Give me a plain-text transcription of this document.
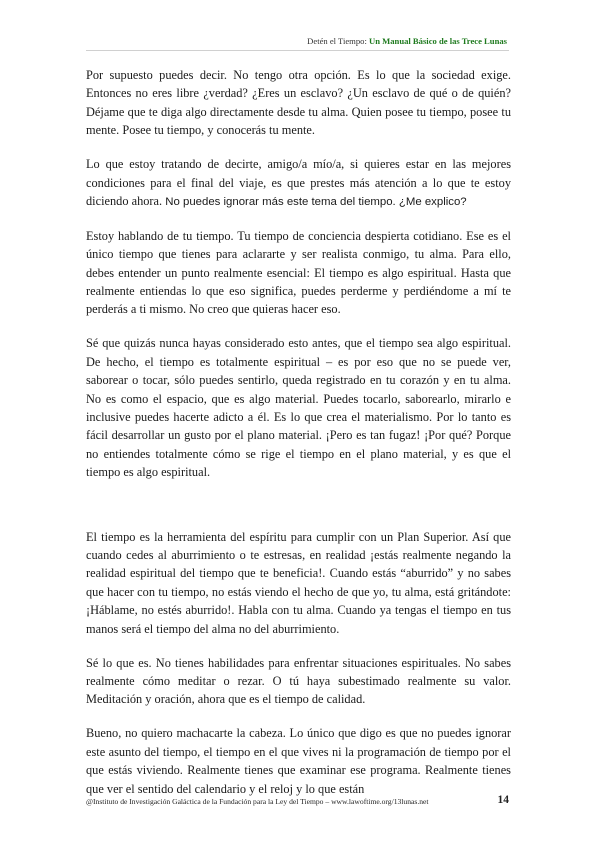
Detén el Tiempo: Un Manual Básico de las Trece Lunas

Por supuesto puedes decir. No tengo otra opción. Es lo que la sociedad exige. Entonces no eres libre ¿verdad? ¿Eres un esclavo? ¿Un esclavo de qué o de quién? Déjame que te diga algo directamente desde tu alma. Quien posee tu tiempo, posee tu mente. Posee tu tiempo, y conocerás tu mente.

Lo que estoy tratando de decirte, amigo/a mío/a, si quieres estar en las mejores condiciones para el final del viaje, es que prestes más atención a lo que te estoy diciendo ahora. No puedes ignorar más este tema del tiempo. ¿Me explico?

Estoy hablando de tu tiempo. Tu tiempo de conciencia despierta cotidiano. Ese es el único tiempo que tienes para aclararte y ser realista conmigo, tu alma. Para ello, debes entender un punto realmente esencial: El tiempo es algo espiritual. Hasta que realmente entiendas lo que eso significa, puedes perderme y perdiéndome a mí te perderás a ti mismo. No creo que quieras hacer eso.

Sé que quizás nunca hayas considerado esto antes, que el tiempo sea algo espiritual. De hecho, el tiempo es totalmente espiritual – es por eso que no se puede ver, saborear o tocar, sólo puedes sentirlo, queda registrado en tu corazón y en tu alma. No es como el espacio, que es algo material. Puedes tocarlo, saborearlo, mirarlo e inclusive puedes hacerte adicto a él. Es lo que crea el materialismo. Por lo tanto es fácil desarrollar un gusto por el plano material. ¡Pero es tan fugaz! ¡Por qué? Porque no entiendes totalmente cómo se rige el tiempo en el plano material, y es que el tiempo es algo espiritual.

El tiempo es la herramienta del espíritu para cumplir con un Plan Superior. Así que cuando cedes al aburrimiento o te estresas, en realidad ¡estás realmente negando la realidad espiritual del tiempo que te beneficia!. Cuando estás “aburrido” y no sabes que hacer con tu tiempo, no estás viendo el hecho de que yo, tu alma, está gritándote: ¡Háblame, no estés aburrido!. Habla con tu alma. Cuando ya tengas el tiempo en tus manos será el tiempo del alma no del aburrimiento.

Sé lo que es. No tienes habilidades para enfrentar situaciones espirituales. No sabes realmente cómo meditar o rezar. O tú haya subestimado realmente su valor. Meditación y oración, ahora que es el tiempo de calidad.

Bueno, no quiero machacarte la cabeza. Lo único que digo es que no puedes ignorar este asunto del tiempo, el tiempo en el que vives ni la programación de tiempo por el que estás viviendo. Realmente tienes que examinar ese programa. Realmente tienes que ver el sentido del calendario y el reloj y lo que están

@Instituto de Investigación Galáctica de la Fundación para la Ley del Tiempo – www.lawoftime.org/13lunas.net	14
